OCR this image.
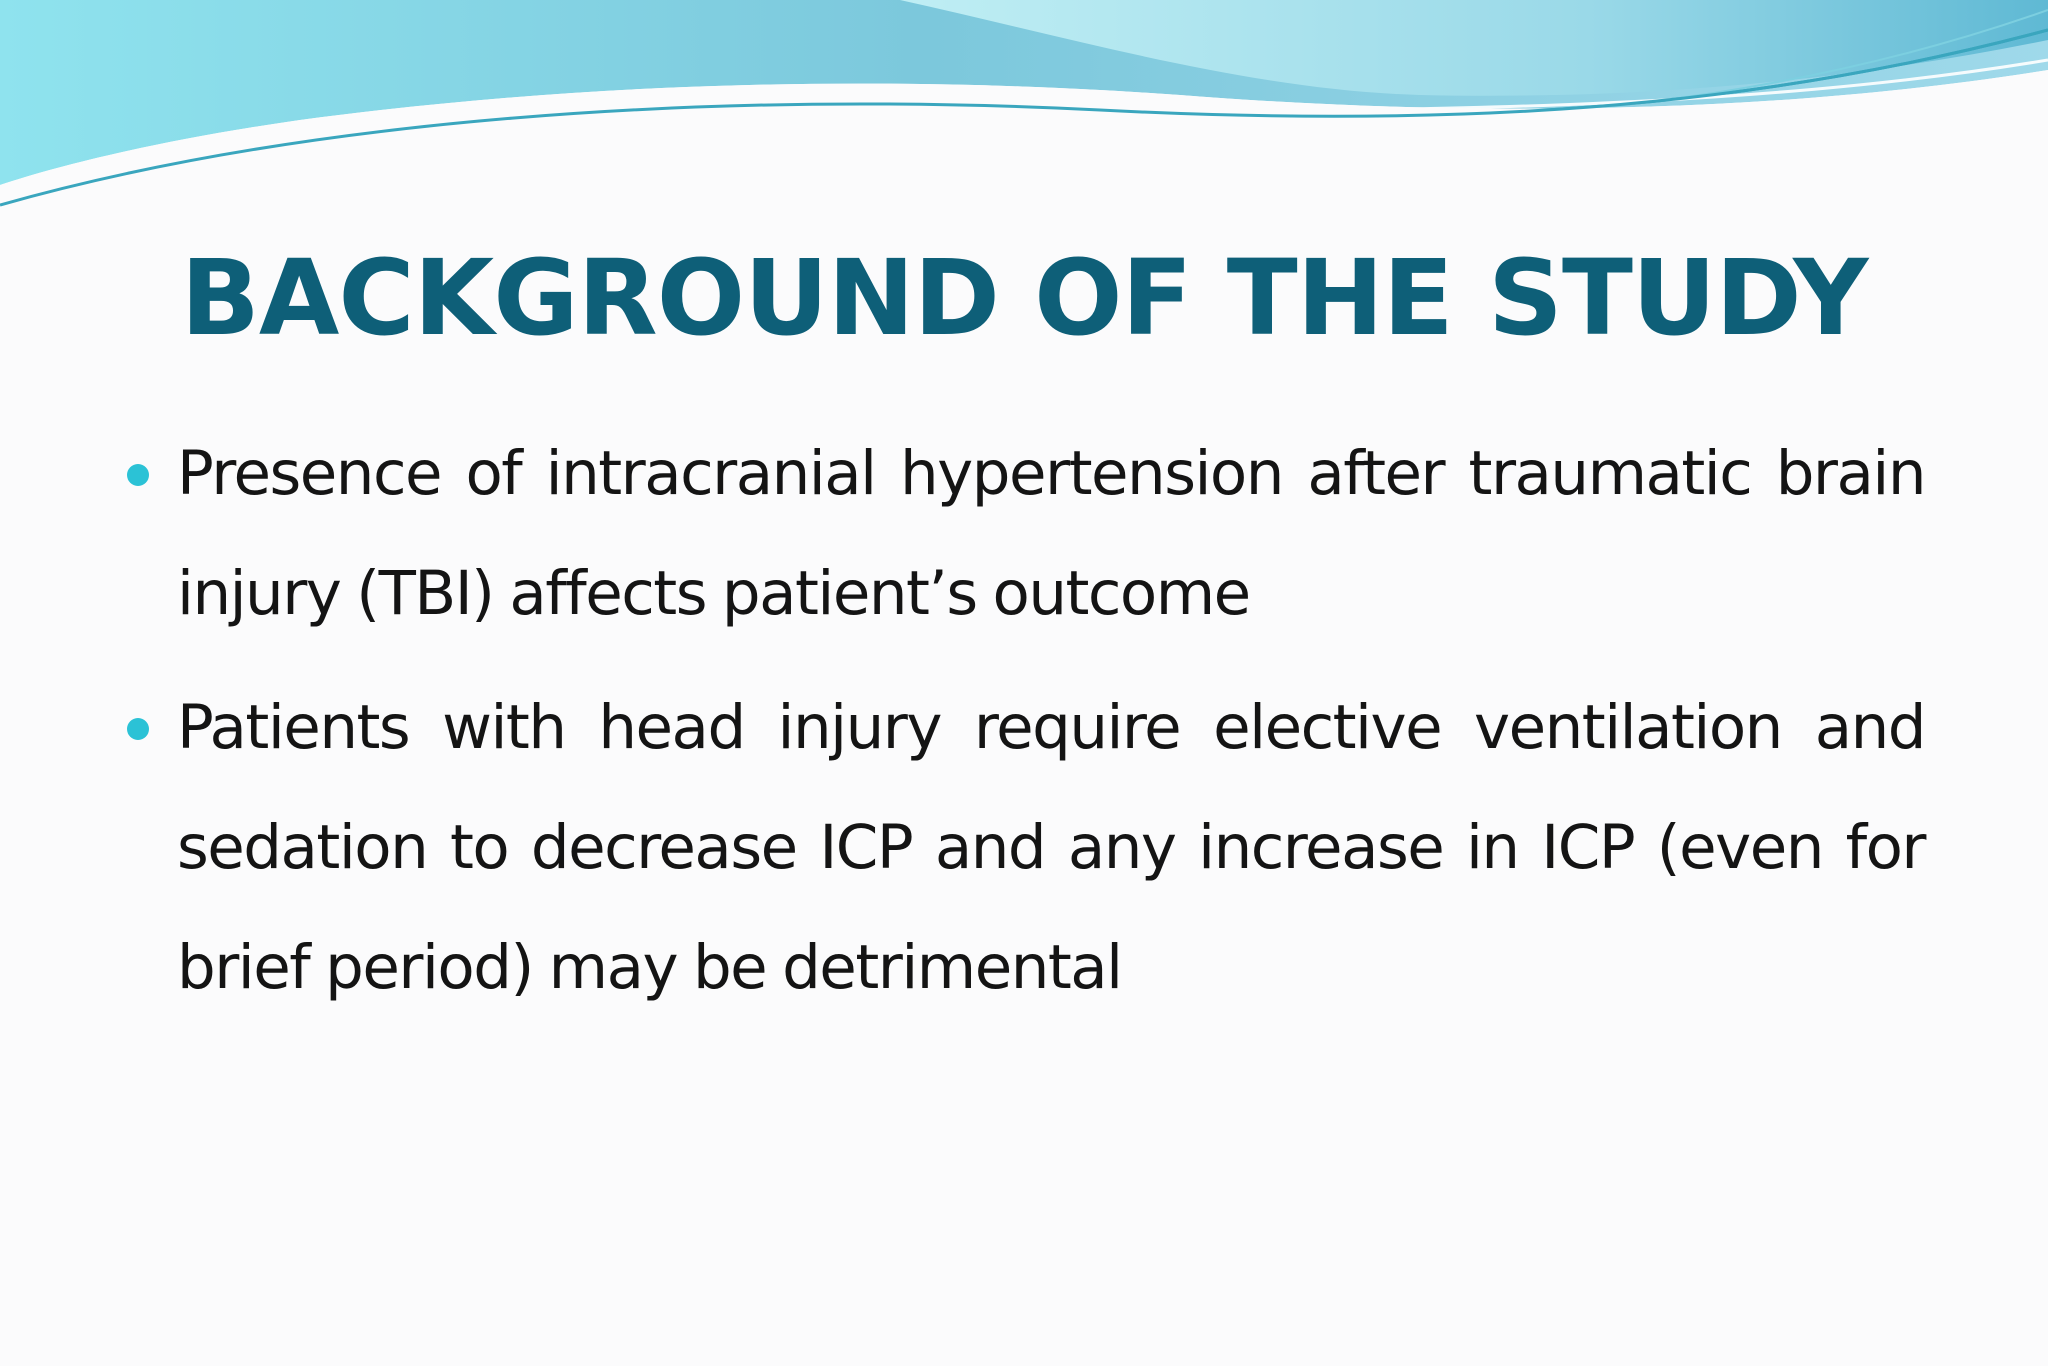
BACKGROUND OF THE STUDY
Presence of intracranial hypertension after traumatic brain injury (TBI) affects patient’s outcome
Patients with head injury require elective ventilation and sedation to decrease ICP and any increase in ICP (even for brief period) may be detrimental
